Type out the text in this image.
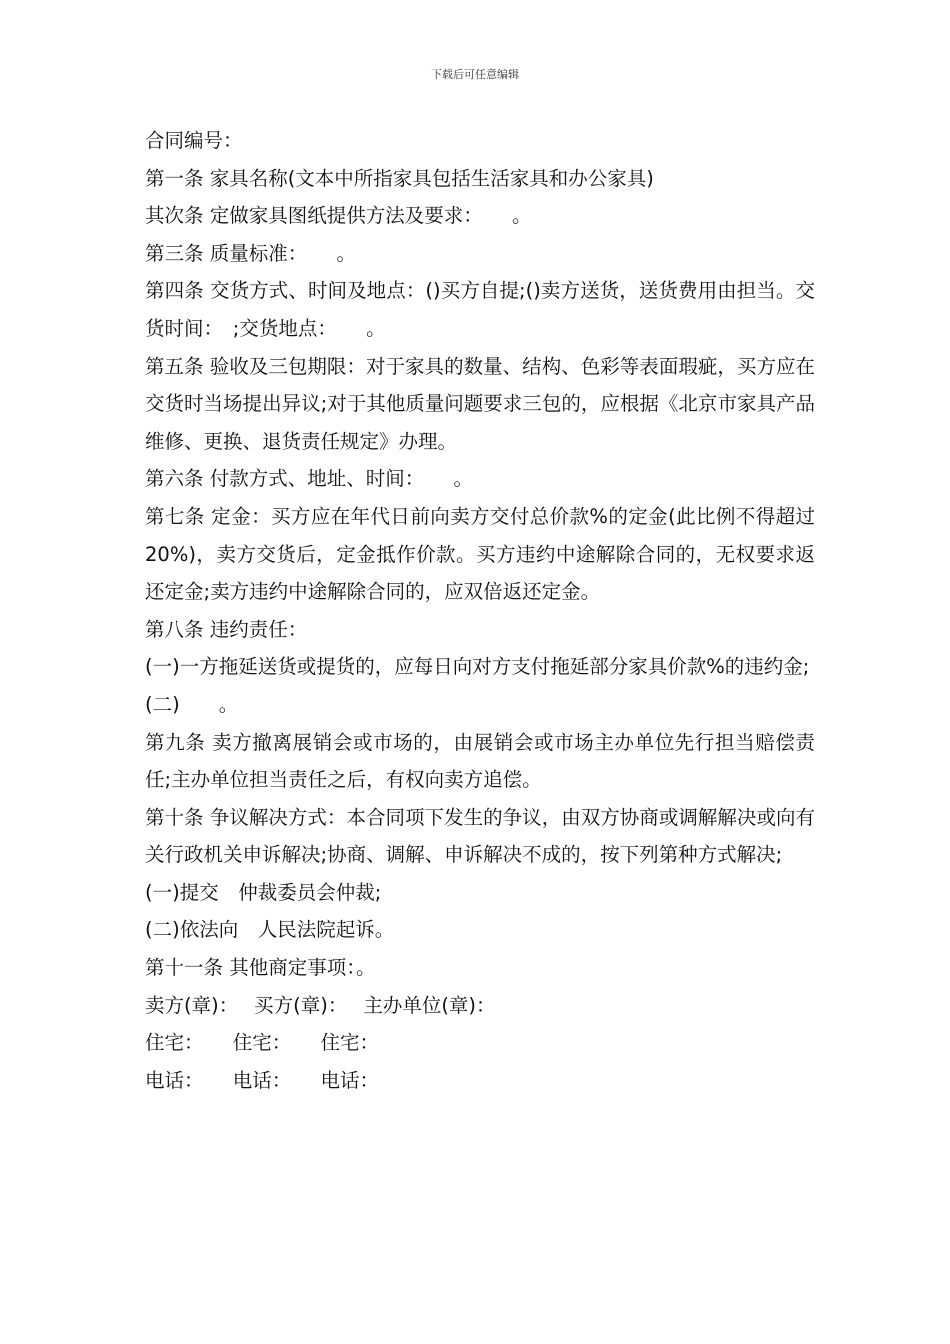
下载后可任意编辑

合同编号：

第一条 家具名称(文本中所指家具包括生活家具和办公家具)

其次条 定做家具图纸提供方法及要求：　　。

第三条 质量标准：　　。

第四条 交货方式、时间及地点：()买方自提;()卖方送货，送货费用由担当。交货时间：　;交货地点：　　。

第五条 验收及三包期限：对于家具的数量、结构、色彩等表面瑕疵，买方应在交货时当场提出异议;对于其他质量问题要求三包的，应根据《北京市家具产品维修、更换、退货责任规定》办理。

第六条 付款方式、地址、时间：　　。

第七条 定金：买方应在年代日前向卖方交付总价款%的定金(此比例不得超过 20%)，卖方交货后，定金抵作价款。买方违约中途解除合同的，无权要求返还定金;卖方违约中途解除合同的，应双倍返还定金。

第八条 违约责任：

(一)一方拖延送货或提货的，应每日向对方支付拖延部分家具价款%的违约金;

(二)　　。

第九条 卖方撤离展销会或市场的，由展销会或市场主办单位先行担当赔偿责任;主办单位担当责任之后，有权向卖方追偿。

第十条 争议解决方式：本合同项下发生的争议，由双方协商或调解解决或向有关行政机关申诉解决;协商、调解、申诉解决不成的，按下列第种方式解决;

(一)提交　仲裁委员会仲裁;

(二)依法向　人民法院起诉。

第十一条 其他商定事项：。

卖方(章)：　 买方(章)：　 主办单位(章)：

住宅：　　住宅：　　住宅：

电话：　　电话：　　电话：
